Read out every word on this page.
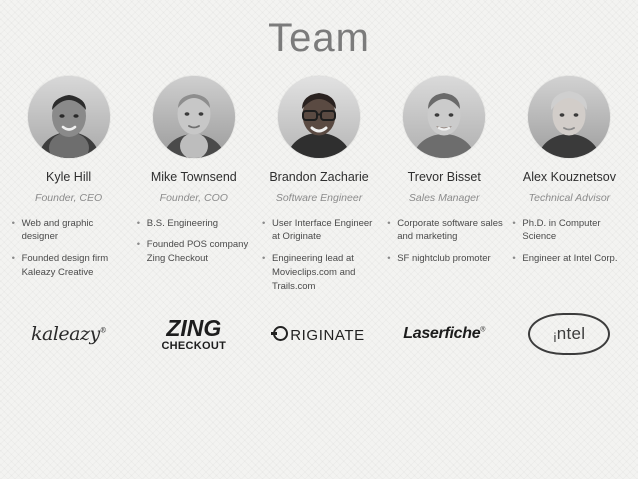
Team
Kyle Hill
Founder, CEO
• Web and graphic designer
• Founded design firm Kaleazy Creative
Mike Townsend
Founder, COO
• B.S. Engineering
• Founded POS company Zing Checkout
Brandon Zacharie
Software Engineer
• User Interface Engineer at Originate
• Engineering lead at Movieclips.com and Trails.com
Trevor Bisset
Sales Manager
• Corporate software sales and marketing
• SF nightclub promoter
Alex Kouznetsov
Technical Advisor
• Ph.D. in Computer Science
• Engineer at Intel Corp.
kaleazy®	ZING
CHECKOUT
RIGINATE Laserfiche®	i ntel
